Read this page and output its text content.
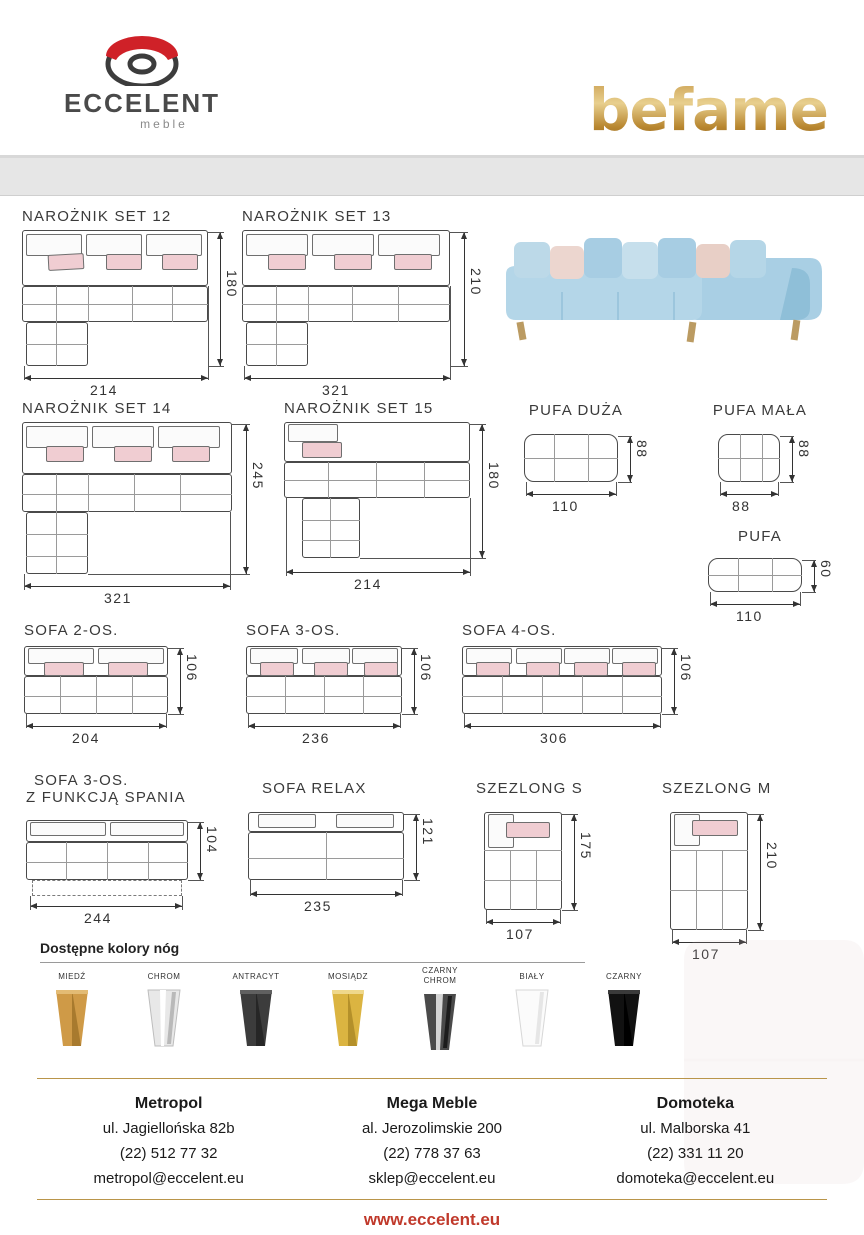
ECCELENT
meble	befame
NAROŻNIK SET 12
180
214
NAROŻNIK SET 13
210
321
NAROŻNIK SET 14
245
321
NAROŻNIK SET 15
180
214
PUFA DUŻA
88
110
PUFA MAŁA
88
88
PUFA
60
110
SOFA 2-OS.
106
204
SOFA 3-OS.
106
236
SOFA 4-OS.
106
306
SOFA 3-OS.
Z FUNKCJĄ SPANIA
104
244
SOFA RELAX
121
235
SZEZLONG S
175
107
SZEZLONG M
210
107
Dostępne kolory nóg
MIEDŹ	CHROM	ANTRACYT	MOSIĄDZ
CZARNY
CHROM	BIAŁY	CZARNY
Metropol
ul. Jagiellońska 82b
(22) 512 77 32
metropol@eccelent.eu
Mega Meble
al. Jerozolimskie 200
(22) 778 37 63
sklep@eccelent.eu
Domoteka
ul. Malborska 41
(22) 331 11 20
domoteka@eccelent.eu
www.eccelent.eu
